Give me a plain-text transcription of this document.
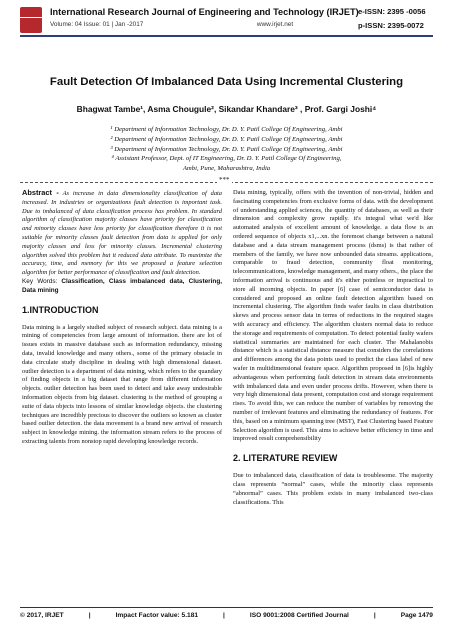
International Research Journal of Engineering and Technology (IRJET) e-ISSN: 2395 -0056
Volume: 04 Issue: 01 | Jan -2017	www.irjet.net	p-ISSN: 2395-0072
Fault Detection Of Imbalanced Data Using Incremental Clustering
Bhagwat Tambe¹, Asma Chougule², Sikandar Khandare³ , Prof. Gargi Joshi⁴
¹ Department of Information Technology, Dr. D. Y. Patil College Of Engineering, Ambi
² Department of Information Technology, Dr. D. Y. Patil College Of Engineering, Ambi
³ Department of Information Technology, Dr. D. Y. Patil College Of Engineering, Ambi
⁴ Assistant Professor, Dept. of IT Engineering, Dr. D. Y. Patil College Of Engineering,
Ambi, Pune, Maharashtra, India
***

Abstract - As increase in data dimensionality classification of data increased. In industries or organizations fault detection is important task. Due to imbalanced of data classification process has problem. In standard algorithm of classification majority classes have priority for classification and minority classes have less priority for classification therefore it is not suitable for minority classes fault detection from data is applied for only majority classes and less for minority classes. Incremental clustering algorithm solved this problem but it reduced data attribute. To maximize the accuracy, time, and memory for this we proposed a feature selection algorithm for better performance of classification and fault detection.

Key Words: Classification, Class imbalanced data, Clustering, Data mining

1.INTRODUCTION

Data mining is a largely studied subject of research subject. data mining is a mining of competencies from large amount of information. there are lot of issues exists in massive database such as information redundancy, missing data, invalid knowledge and many others., some of the primary obstacle in data circulate study discipline in dealing with high dimensional dataset. outlier detection is a department of data mining, which refers to the quandary of finding objects in a big dataset that range from different information objects. outlier detection has been used to detect and take away undesirable information objects from big dataset. clustering is the method of grouping a suite of data objects into lessons of similar knowledge objects. the clustering techniques are incredibly precious to discover the outliers so known as cluster based outlier detection. the data movement is a brand new arrival of research subject in knowledge mining. the information stream refers to the process of extracting talents from nonstop rapid developing knowledge records.

Data mining, typically, offers with the invention of non-trivial, hidden and fascinating competencies from exclusive forms of data. with the development of understanding applied sciences, the quantity of databases, as well as their dimension and complexity grow rapidly. it's integral what we'd like automated analysis of excellent amount of knowledge. a data flow is an ordered sequence of objects x1,...xn. the foremost change between a natural database and a data stream management process (dsms) is that rather of members of the family, we have now unbounded data streams. applications, comparable to fraud detection, community float monitoring, telecommunications, knowledge management, and many others., the place the information arrival is continuous and it's either pointless or impractical to store all incoming objects. In paper [6] case of semiconductor data is considered and proposed an online fault detection algorithm based on incremental clustering. The algorithm finds wafer faults in class distribution skews and process sensor data in terms of reductions in the required stages with accuracy and efficiency. The algorithm clusters normal data to reduce the storage and requirements of computation. To detect potential faulty wafers statistical summaries are maintained for each cluster. The Mahalanobis distance which is a statistical distance measure that considers the correlations and differences among the data points used to predict the class label of new wafer in multidimensional feature space. Algorithm proposed in [6]is highly advantageous when performing fault detection in stream data environments with imbalanced data and even under process drifts. However, when there is very high dimensional data present, computation cost and storage requirement rises. To avoid this, we can reduce the number of variables by removing the number of irrelevant features and eliminating the redundancy of features. For this, based on a minimum spanning tree (MST), Fast Clustering based Feature Selection algorithm is used. This aims to achieve better efficiency in time and improved result comprehensibility

2. LITERATURE REVIEW

Due to imbalanced data, classification of data is troublesome. The majority class represents “normal” cases, while the minority class represents “abnormal” cases. This problem exists in many imbalanced two-class classifications. This

© 2017, IRJET	|	Impact Factor value: 5.181	|	ISO 9001:2008 Certified Journal	|	Page 1479
